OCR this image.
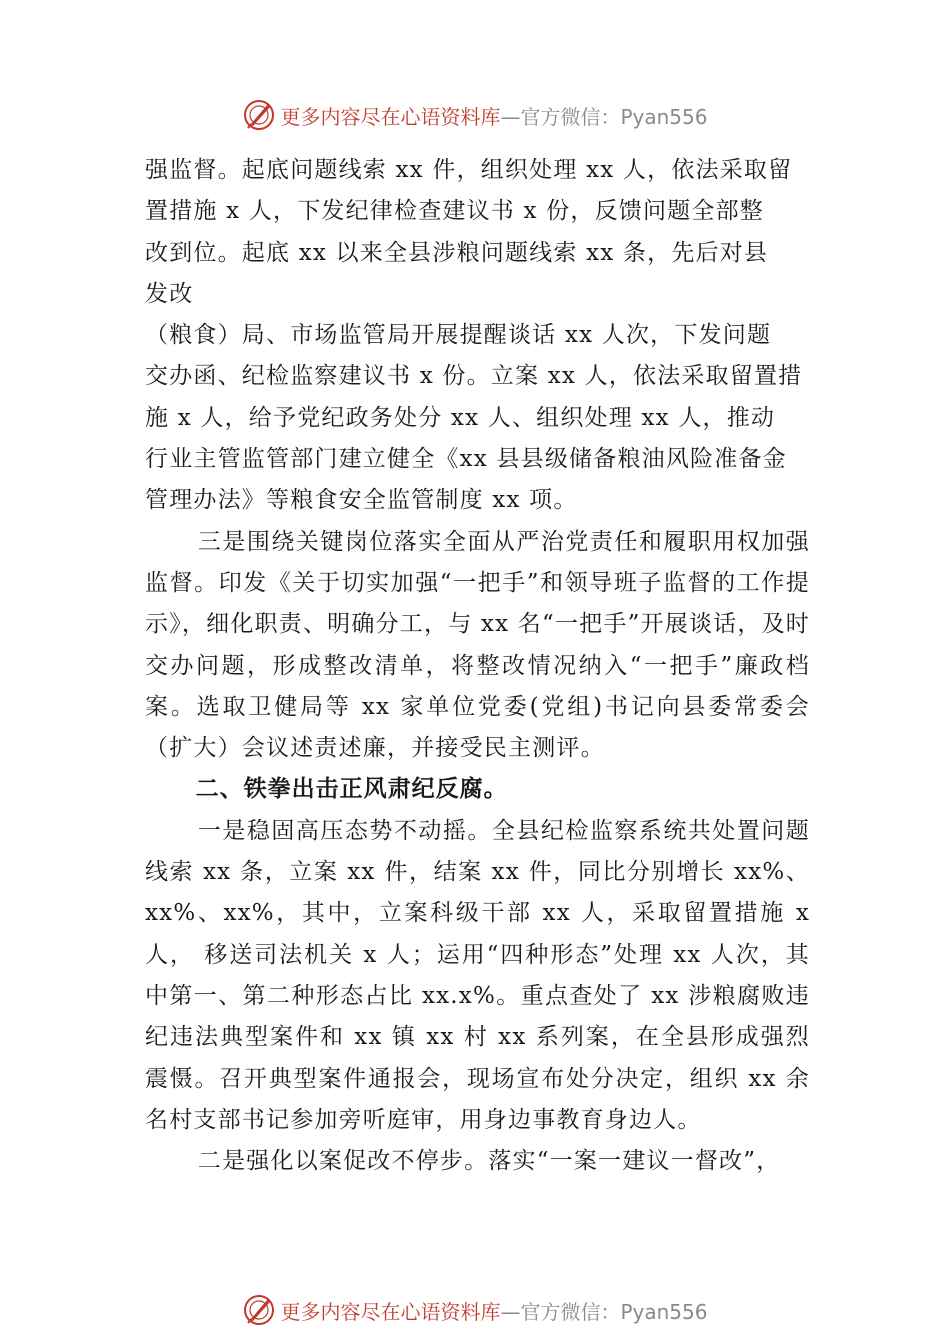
更多内容尽在心语资料库 —官方微信：Pyan556

强监督。起底问题线索 xx 件，组织处理 xx 人，依法采取留

置措施 x 人，下发纪律检查建议书 x 份，反馈问题全部整

改到位。起底 xx 以来全县涉粮问题线索 xx 条，先后对县

发改

（粮食）局、市场监管局开展提醒谈话 xx 人次，下发问题

交办函、纪检监察建议书 x 份。立案 xx 人，依法采取留置措

施 x 人，给予党纪政务处分 xx 人、组织处理 xx 人，推动

行业主管监管部门建立健全《xx 县县级储备粮油风险准备金

管理办法》等粮食安全监管制度 xx 项。

三是围绕关键岗位落实全面从严治党责任和履职用权加强监督。印发《关于切实加强“一把手”和领导班子监督的工作提示》，细化职责、明确分工，与 xx 名“一把手”开展谈话，及时交办问题，形成整改清单，将整改情况纳入“一把手”廉政档案。选取卫健局等 xx 家单位党委(党组)书记向县委常委会（扩大）会议述责述廉，并接受民主测评。

二、铁拳出击正风肃纪反腐。

一是稳固高压态势不动摇。全县纪检监察系统共处置问题线索 xx 条，立案 xx 件，结案 xx 件，同比分别增长 xx%、xx%、xx%，其中，立案科级干部 xx 人，采取留置措施 x 人， 移送司法机关 x 人；运用“四种形态”处理 xx 人次，其中第一、第二种形态占比 xx.x%。重点查处了 xx 涉粮腐败违纪违法典型案件和 xx 镇 xx 村 xx 系列案，在全县形成强烈震慑。召开典型案件通报会，现场宣布处分决定，组织 xx 余名村支部书记参加旁听庭审，用身边事教育身边人。

二是强化以案促改不停步。落实“一案一建议一督改”，

更多内容尽在心语资料库 —官方微信：Pyan556
